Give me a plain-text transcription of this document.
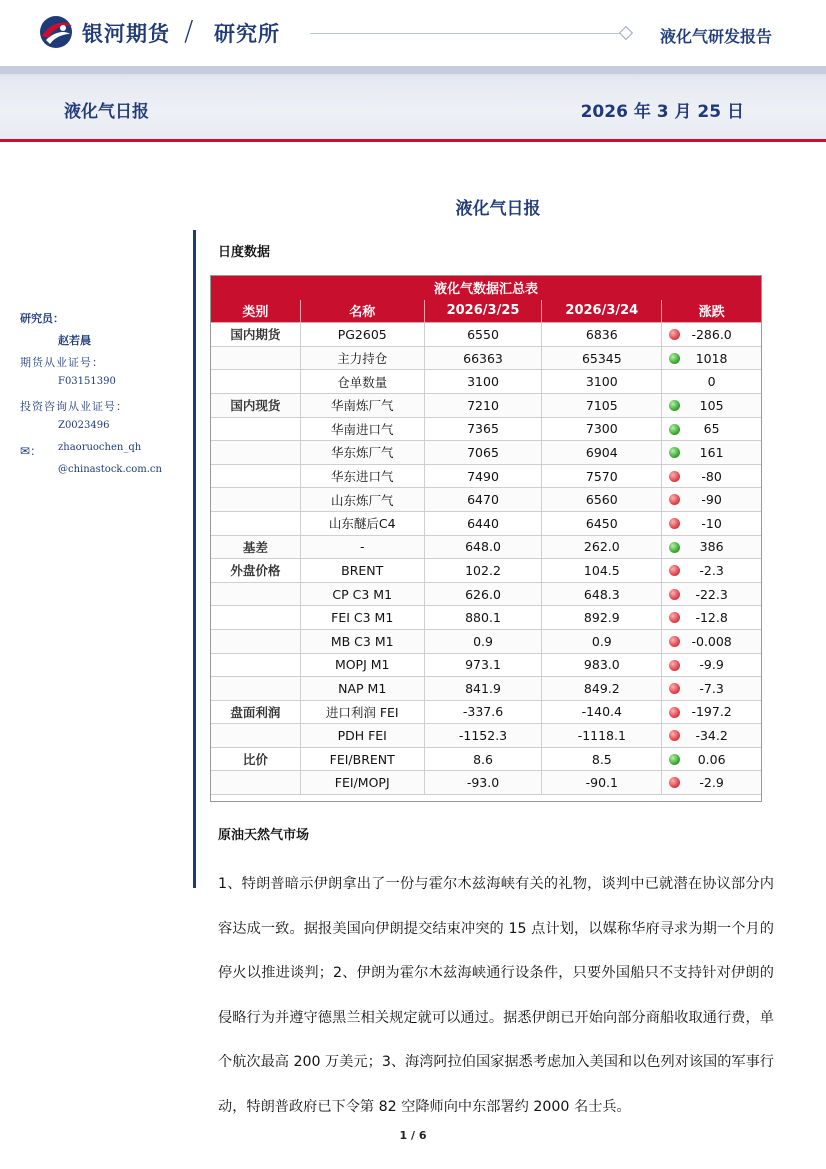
银河期货 / 研究所	液化气研发报告
液化气日报	2026 年 3 月 25 日
液化气日报
研究员：
赵若晨
期货从业证号：
F03151390
投资咨询从业证号：
Z0023496
✉：	zhaoruochen_qh
@chinastock.com.cn
日度数据
液化气数据汇总表				
类别	名称	2026/3/25	2026/3/24	涨跌
国内期货	PG2605	6550	6836	-286.0
	主力持仓	66363	65345	1018
	仓单数量	3100	3100	0
国内现货	华南炼厂气	7210	7105	105
	华南进口气	7365	7300	65
	华东炼厂气	7065	6904	161
	华东进口气	7490	7570	-80
	山东炼厂气	6470	6560	-90
	山东醚后C4	6440	6450	-10
基差	-	648.0	262.0	386
外盘价格	BRENT	102.2	104.5	-2.3
	CP C3 M1	626.0	648.3	-22.3
	FEI C3 M1	880.1	892.9	-12.8
	MB C3 M1	0.9	0.9	-0.008
	MOPJ M1	973.1	983.0	-9.9
	NAP M1	841.9	849.2	-7.3
盘面利润	进口利润 FEI	-337.6	-140.4	-197.2
	PDH FEI	-1152.3	-1118.1	-34.2
比价	FEI/BRENT	8.6	8.5	0.06
	FEI/MOPJ	-93.0	-90.1	-2.9
原油天然气市场
1、特朗普暗示伊朗拿出了一份与霍尔木兹海峡有关的礼物，谈判中已就潜在协议部分内容达成一致。据报美国向伊朗提交结束冲突的 15 点计划，以媒称华府寻求为期一个月的停火以推进谈判；2、伊朗为霍尔木兹海峡通行设条件，只要外国船只不支持针对伊朗的侵略行为并遵守德黑兰相关规定就可以通过。据悉伊朗已开始向部分商船收取通行费，单个航次最高 200 万美元；3、海湾阿拉伯国家据悉考虑加入美国和以色列对该国的军事行动，特朗普政府已下令第 82 空降师向中东部署约 2000 名士兵。
1 / 6
